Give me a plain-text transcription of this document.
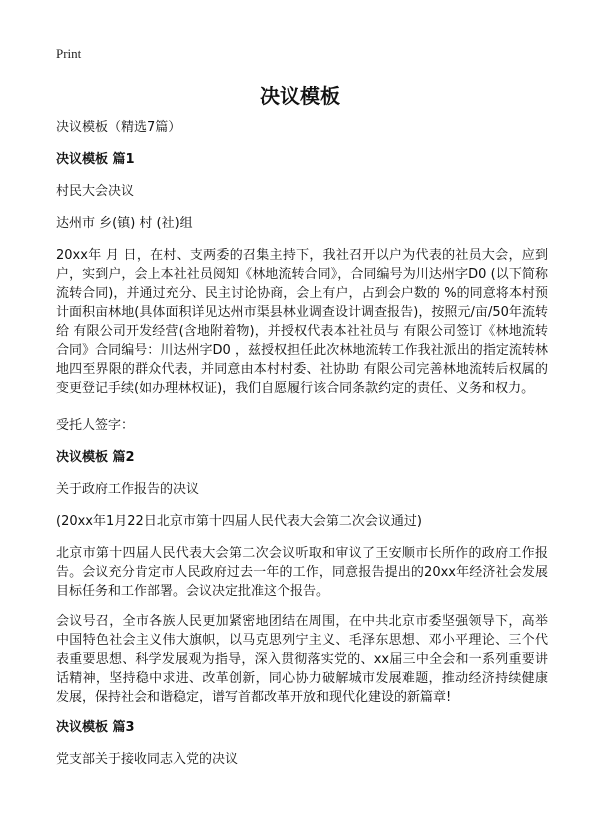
Print
决议模板

决议模板（精选7篇）

决议模板 篇1

村民大会决议

达州市 乡(镇) 村 (社)组

20xx年 月 日，在村、支两委的召集主持下，我社召开以户为代表的社员大会，应到户，实到户，会上本社社员阅知《林地流转合同》，合同编号为川达州字D0 (以下简称流转合同)，并通过充分、民主讨论协商，会上有户，占到会户数的 %的同意将本村预计面积亩林地(具体面积详见达州市渠县林业调查设计调查报告)，按照元/亩/50年流转给 有限公司开发经营(含地附着物)，并授权代表本社社员与 有限公司签订《林地流转合同》合同编号：川达州字D0 ，兹授权担任此次林地流转工作我社派出的指定流转林地四至界限的群众代表，并同意由本村村委、社协助 有限公司完善林地流转后权属的变更登记手续(如办理林权证)，我们自愿履行该合同条款约定的责任、义务和权力。

受托人签字：

决议模板 篇2

关于政府工作报告的决议

(20xx年1月22日北京市第十四届人民代表大会第二次会议通过)

北京市第十四届人民代表大会第二次会议听取和审议了王安顺市长所作的政府工作报告。会议充分肯定市人民政府过去一年的工作，同意报告提出的20xx年经济社会发展目标任务和工作部署。会议决定批准这个报告。

会议号召，全市各族人民更加紧密地团结在周围，在中共北京市委坚强领导下，高举中国特色社会主义伟大旗帜，以马克思列宁主义、毛泽东思想、邓小平理论、三个代表重要思想、科学发展观为指导，深入贯彻落实党的、xx届三中全会和一系列重要讲话精神，坚持稳中求进、改革创新，同心协力破解城市发展难题，推动经济持续健康发展，保持社会和谐稳定，谱写首都改革开放和现代化建设的新篇章!

决议模板 篇3

党支部关于接收同志入党的决议
